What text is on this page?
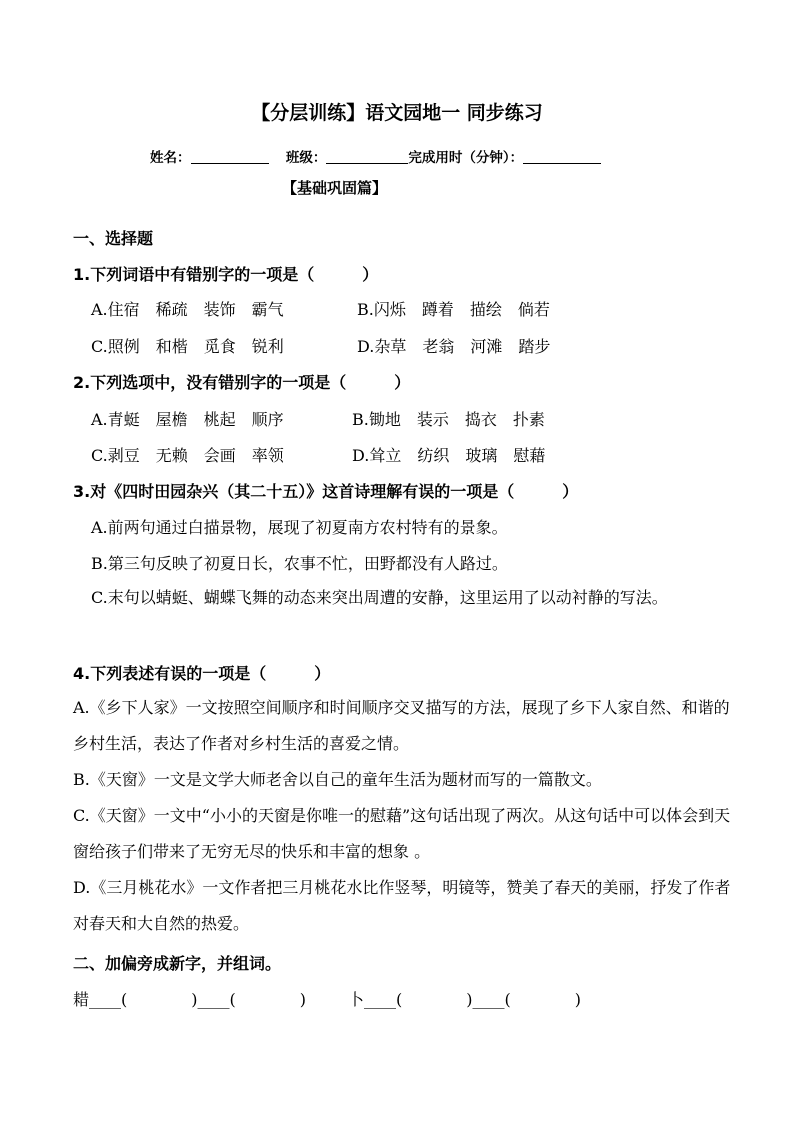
【分层训练】语文园地一 同步练习
姓名：	班级：	完成用时（分钟）：
【基础巩固篇】
一、选择题
1.下列词语中有错别字的一项是（　　　）
A.住宿　稀疏　装饰　霸气	B.闪烁　蹲着　描绘　倘若
C.照例　和楷　觅食　锐利	D.杂草　老翁　河滩　踏步
2.下列选项中，没有错别字的一项是（　　　）
A.青蜓　屋檐　桃起　顺序	B.锄地　装示　捣衣　扑素
C.剥豆　无赖　会画　率领	D.耸立　纺织　玻璃　慰藉
3.对《四时田园杂兴（其二十五）》这首诗理解有误的一项是（　　　）
A.前两句通过白描景物，展现了初夏南方农村特有的景象。
B.第三句反映了初夏日长，农事不忙，田野都没有人路过。
C.末句以蜻蜓、蝴蝶飞舞的动态来突出周遭的安静，这里运用了以动衬静的写法。
4.下列表述有误的一项是（　　　）
A.《乡下人家》一文按照空间顺序和时间顺序交叉描写的方法，展现了乡下人家自然、和谐的乡村生活，表达了作者对乡村生活的喜爱之情。
B.《天窗》一文是文学大师老舍以自己的童年生活为题材而写的一篇散文。
C.《天窗》一文中“小小的天窗是你唯一的慰藉”这句话出现了两次。从这句话中可以体会到天窗给孩子们带来了无穷无尽的快乐和丰富的想象 。
D.《三月桃花水》一文作者把三月桃花水比作竖琴，明镜等，赞美了春天的美丽，抒发了作者对春天和大自然的热爱。
二、加偏旁成新字，并组词。
耤____(　　　　)____(　　　　)	卜____(　　　　)____(　　　　)
